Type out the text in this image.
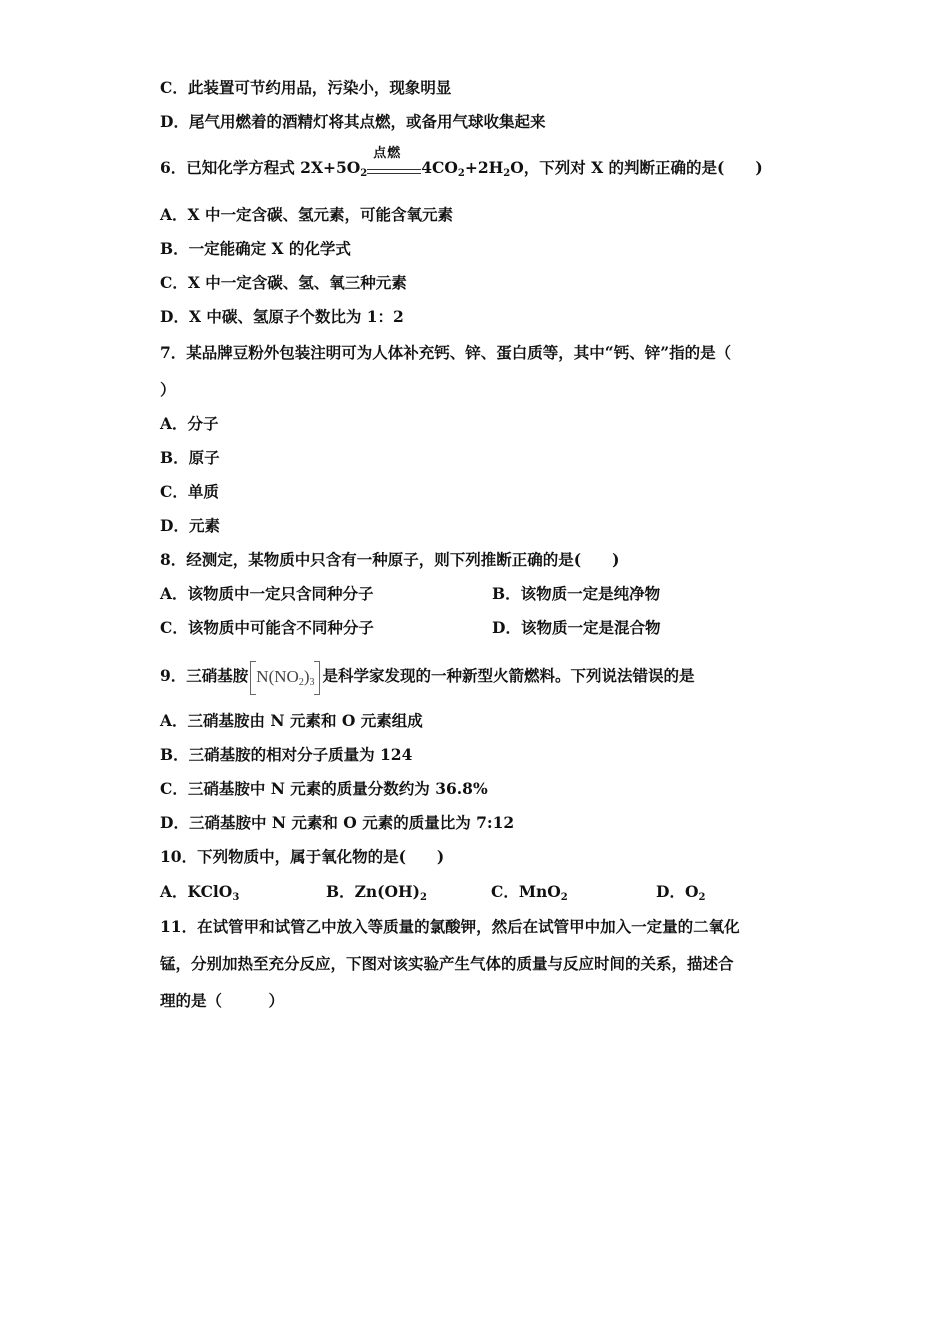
C．此装置可节约用品，污染小，现象明显
D．尾气用燃着的酒精灯将其点燃，或备用气球收集起来
6．已知化学方程式 $2X+5O_2$
点燃
$4CO_2+2H_2O$，下列对 X 的判断正确的是(　　)
A．X 中一定含碳、氢元素，可能含氧元素
B．一定能确定 X 的化学式
C．X 中一定含碳、氢、氧三种元素
D．X 中碳、氢原子个数比为 1：2
7．某品牌豆粉外包装注明可为人体补充钙、锌、蛋白质等，其中“钙、锌”指的是（
）
A．分子
B．原子
C．单质
D．元素
8．经测定，某物质中只含有一种原子，则下列推断正确的是(　　)
A．该物质中一定只含同种分子	B．该物质一定是纯净物
C．该物质中可能含不同种分子	D．该物质一定是混合物
9．三硝基胺 $N(NO_2)_3$ 是科学家发现的一种新型火箭燃料。下列说法错误的是
A．三硝基胺由 N 元素和 O 元素组成
B．三硝基胺的相对分子质量为 124
C．三硝基胺中 N 元素的质量分数约为 36.8%
D．三硝基胺中 N 元素和 O 元素的质量比为 7:12
10．下列物质中，属于氧化物的是(　　)
A．KClO$_3$	B．$Zn(OH)_2$	C．MnO$_2$	D．$O_2$
11．在试管甲和试管乙中放入等质量的氯酸钾，然后在试管甲中加入一定量的二氧化
锰，分别加热至充分反应，下图对该实验产生气体的质量与反应时间的关系，描述合
理的是（　　　）
